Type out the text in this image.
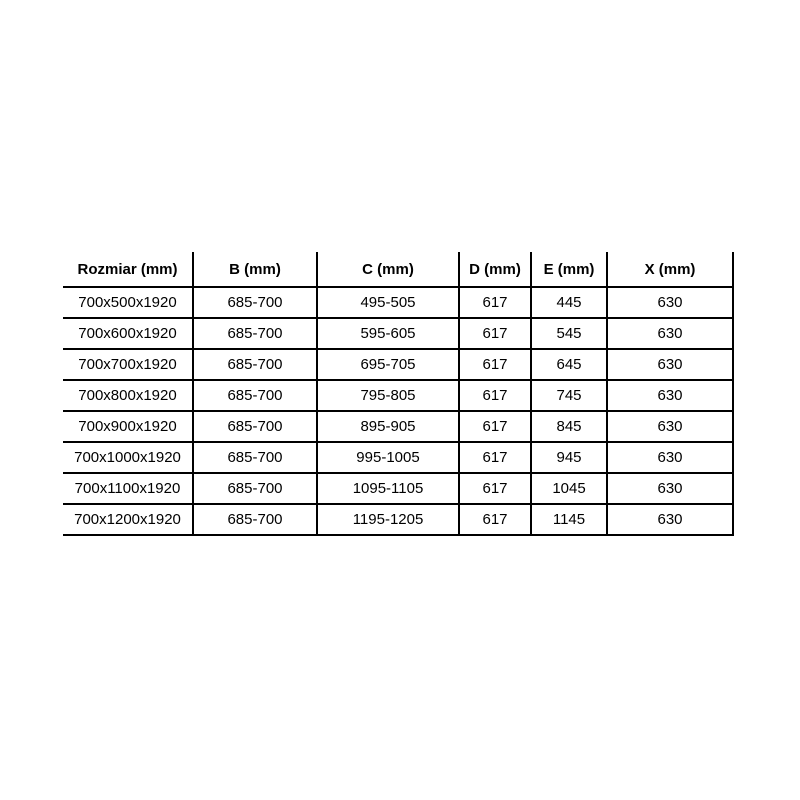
Rozmiar (mm)	B (mm)	C (mm)	D (mm)	E (mm)	X (mm)
700x500x1920	685-700	495-505	617	445	630
700x600x1920	685-700	595-605	617	545	630
700x700x1920	685-700	695-705	617	645	630
700x800x1920	685-700	795-805	617	745	630
700x900x1920	685-700	895-905	617	845	630
700x1000x1920	685-700	995-1005	617	945	630
700x1100x1920	685-700	1095-1105	617	1045	630
700x1200x1920	685-700	1195-1205	617	1145	630
